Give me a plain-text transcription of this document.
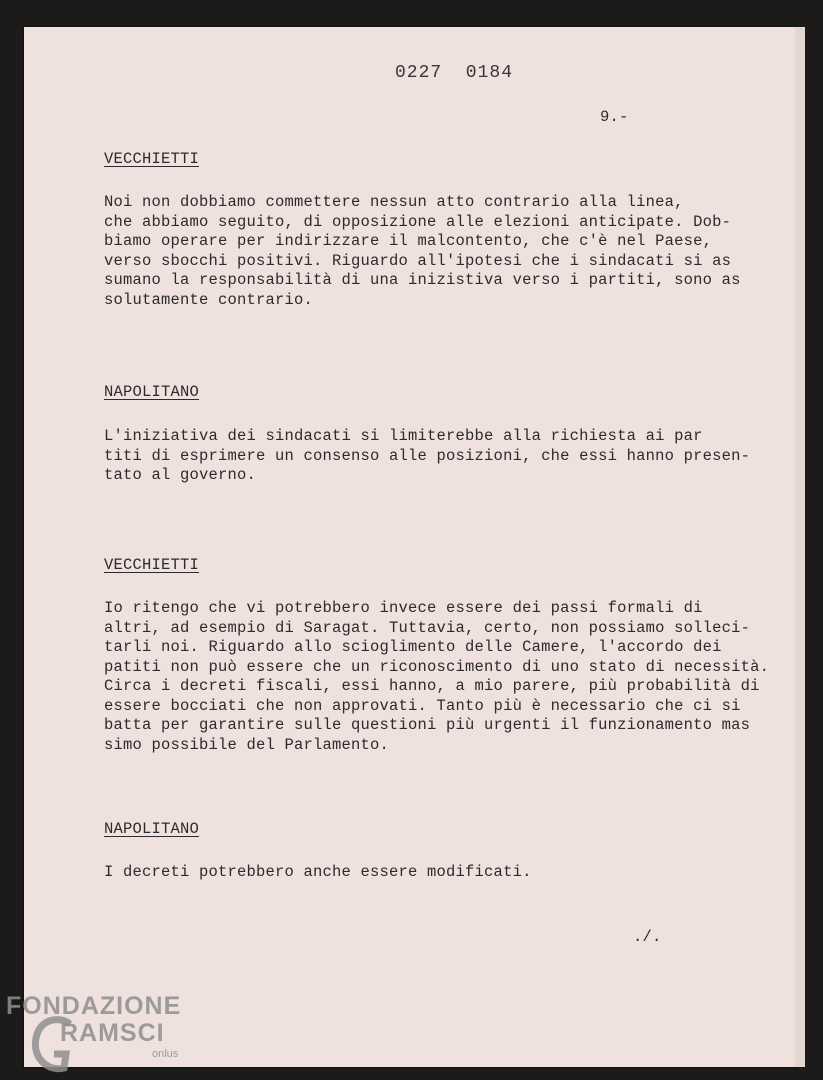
0227  0184
9.-
VECCHIETTI

Noi non dobbiamo commettere nessun atto contrario alla linea,
che abbiamo seguito, di opposizione alle elezioni anticipate. Dob-
biamo operare per indirizzare il malcontento, che c'è nel Paese,
verso sbocchi positivi. Riguardo all'ipotesi che i sindacati si as
sumano la responsabilità di una inizistiva verso i partiti, sono as
solutamente contrario.

NAPOLITANO

L'iniziativa dei sindacati si limiterebbe alla richiesta ai par
titi di esprimere un consenso alle posizioni, che essi hanno presen-
tato al governo.

VECCHIETTI

Io ritengo che vi potrebbero invece essere dei passi formali di
altri, ad esempio di Saragat. Tuttavia, certo, non possiamo solleci-
tarli noi. Riguardo allo scioglimento delle Camere, l'accordo dei
patiti non può essere che un riconoscimento di uno stato di necessità.
Circa i decreti fiscali, essi hanno, a mio parere, più probabilità di
essere bocciati che non approvati. Tanto più è necessario che ci si
batta per garantire sulle questioni più urgenti il funzionamento mas
simo possibile del Parlamento.

NAPOLITANO

I decreti potrebbero anche essere modificati.

./.
FONDAZIONE
RAMSCI
onlus
